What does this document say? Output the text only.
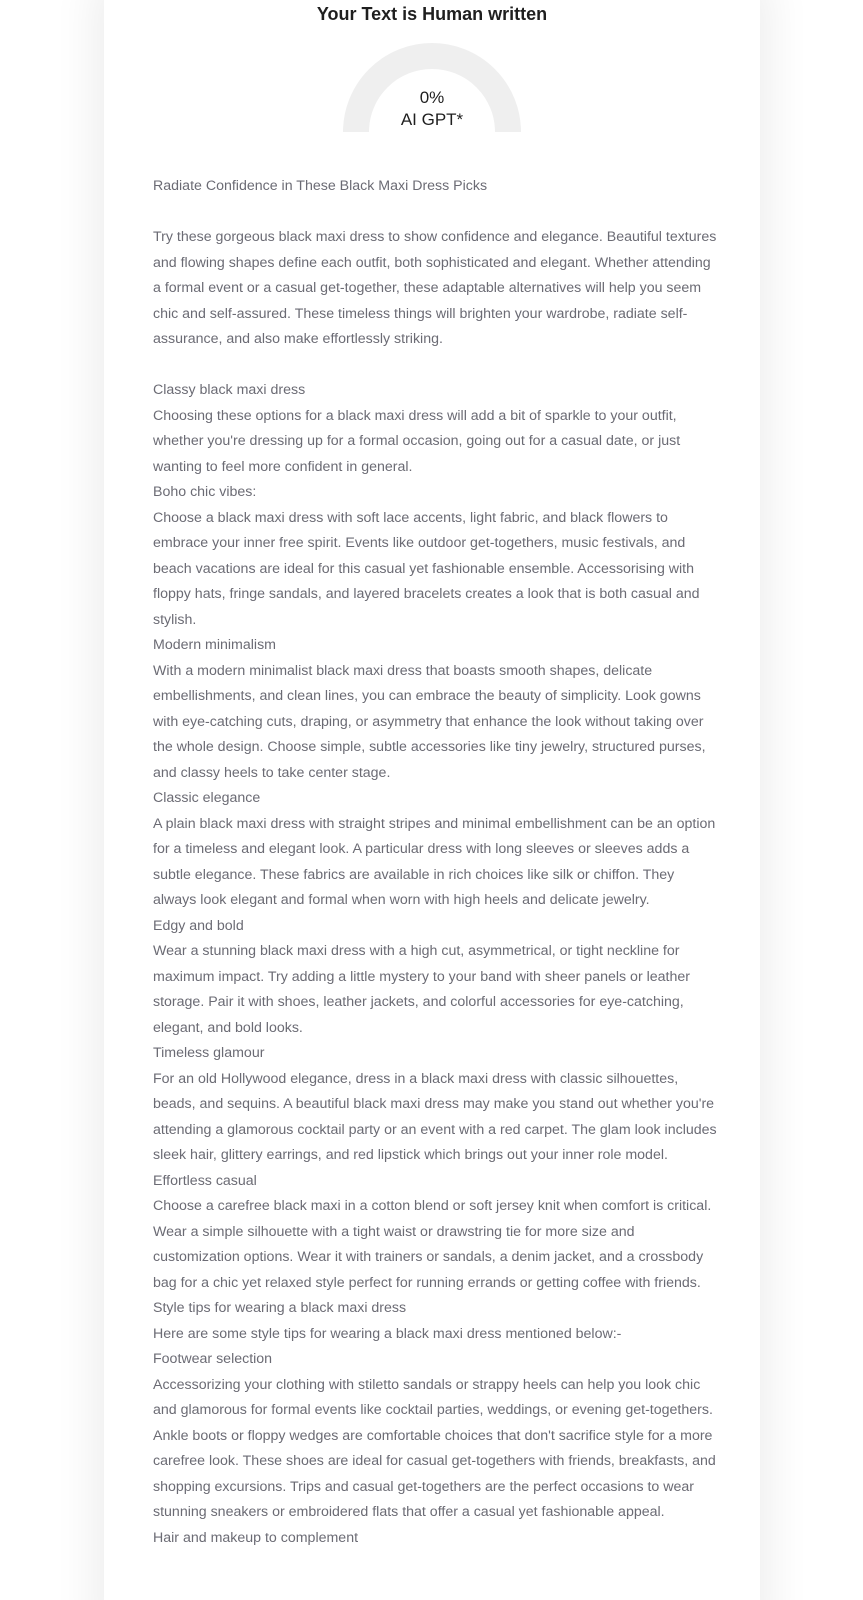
Your Text is Human written
0%
AI GPT*

Radiate Confidence in These Black Maxi Dress Picks

Try these gorgeous black maxi dress to show confidence and elegance. Beautiful textures and flowing shapes define each outfit, both sophisticated and elegant. Whether attending a formal event or a casual get-together, these adaptable alternatives will help you seem chic and self-assured. These timeless things will brighten your wardrobe, radiate self-assurance, and also make effortlessly striking.

Classy black maxi dress

Choosing these options for a black maxi dress will add a bit of sparkle to your outfit, whether you're dressing up for a formal occasion, going out for a casual date, or just wanting to feel more confident in general.

Boho chic vibes:

Choose a black maxi dress with soft lace accents, light fabric, and black flowers to embrace your inner free spirit. Events like outdoor get-togethers, music festivals, and beach vacations are ideal for this casual yet fashionable ensemble. Accessorising with floppy hats, fringe sandals, and layered bracelets creates a look that is both casual and stylish.

Modern minimalism

With a modern minimalist black maxi dress that boasts smooth shapes, delicate embellishments, and clean lines, you can embrace the beauty of simplicity. Look gowns with eye-catching cuts, draping, or asymmetry that enhance the look without taking over the whole design. Choose simple, subtle accessories like tiny jewelry, structured purses, and classy heels to take center stage.

Classic elegance

A plain black maxi dress with straight stripes and minimal embellishment can be an option for a timeless and elegant look. A particular dress with long sleeves or sleeves adds a subtle elegance. These fabrics are available in rich choices like silk or chiffon. They always look elegant and formal when worn with high heels and delicate jewelry.

Edgy and bold

Wear a stunning black maxi dress with a high cut, asymmetrical, or tight neckline for maximum impact. Try adding a little mystery to your band with sheer panels or leather storage. Pair it with shoes, leather jackets, and colorful accessories for eye-catching, elegant, and bold looks.

Timeless glamour

For an old Hollywood elegance, dress in a black maxi dress with classic silhouettes, beads, and sequins. A beautiful black maxi dress may make you stand out whether you're attending a glamorous cocktail party or an event with a red carpet. The glam look includes sleek hair, glittery earrings, and red lipstick which brings out your inner role model.

Effortless casual

Choose a carefree black maxi in a cotton blend or soft jersey knit when comfort is critical. Wear a simple silhouette with a tight waist or drawstring tie for more size and customization options. Wear it with trainers or sandals, a denim jacket, and a crossbody bag for a chic yet relaxed style perfect for running errands or getting coffee with friends.

Style tips for wearing a black maxi dress

Here are some style tips for wearing a black maxi dress mentioned below:-

Footwear selection

Accessorizing your clothing with stiletto sandals or strappy heels can help you look chic and glamorous for formal events like cocktail parties, weddings, or evening get-togethers. Ankle boots or floppy wedges are comfortable choices that don't sacrifice style for a more carefree look. These shoes are ideal for casual get-togethers with friends, breakfasts, and shopping excursions. Trips and casual get-togethers are the perfect occasions to wear stunning sneakers or embroidered flats that offer a casual yet fashionable appeal.

Hair and makeup to complement
